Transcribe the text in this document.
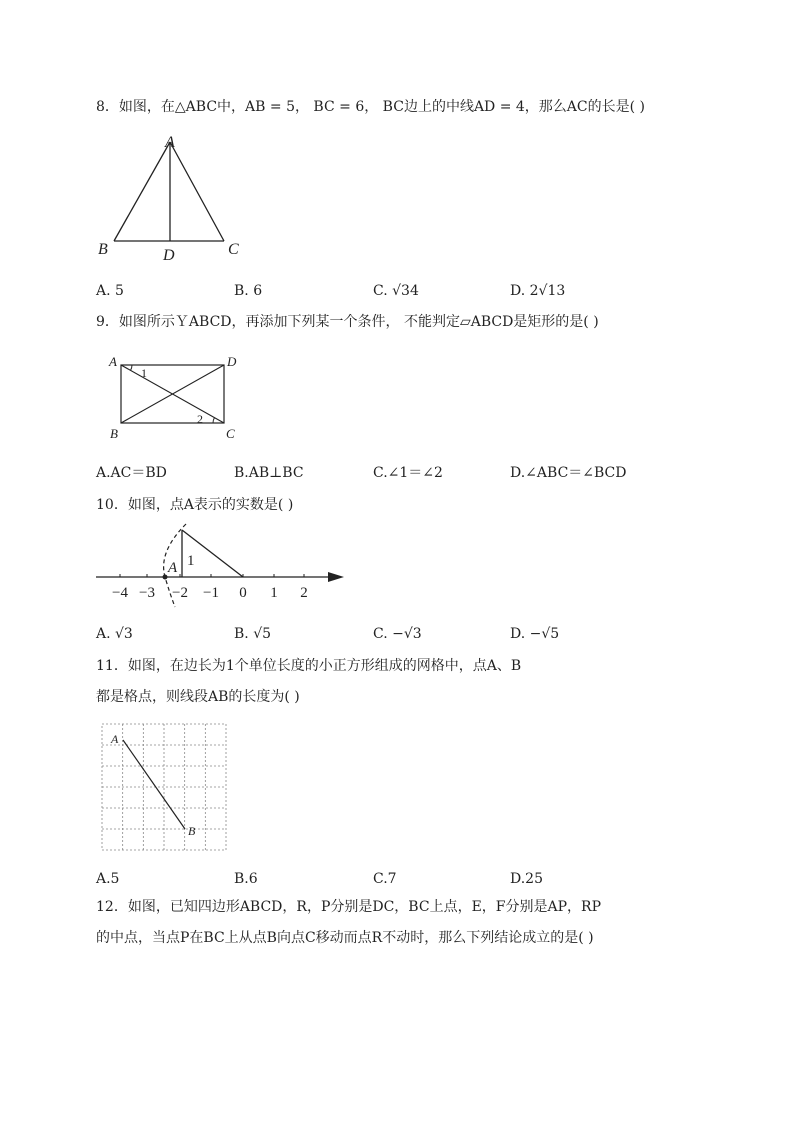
8．如图，在△ABC中，AB = 5， BC = 6， BC边上的中线AD = 4，那么AC的长是( )
A
B	C
D
A. 5	B. 6	C. √34	D. 2√13
9．如图所示ＹABCD，再添加下列某一个条件， 不能判定▱ABCD是矩形的是( )
A	D
B	C
1
2
A.AC＝BD	B.AB⊥BC	C.∠1＝∠2	D.∠ABC＝∠BCD
10．如图，点A表示的实数是( )
−4 −3 −2 −1 0 1 2
A 1
A. √3	B. √5	C. −√3	D. −√5
11．如图，在边长为1个单位长度的小正方形组成的网格中，点A、B
都是格点，则线段AB的长度为( )
A
B
A.5	B.6	C.7	D.25
12．如图，已知四边形ABCD，R，P分别是DC，BC上点，E，F分别是AP，RP
的中点，当点P在BC上从点B向点C移动而点R不动时，那么下列结论成立的是( )
